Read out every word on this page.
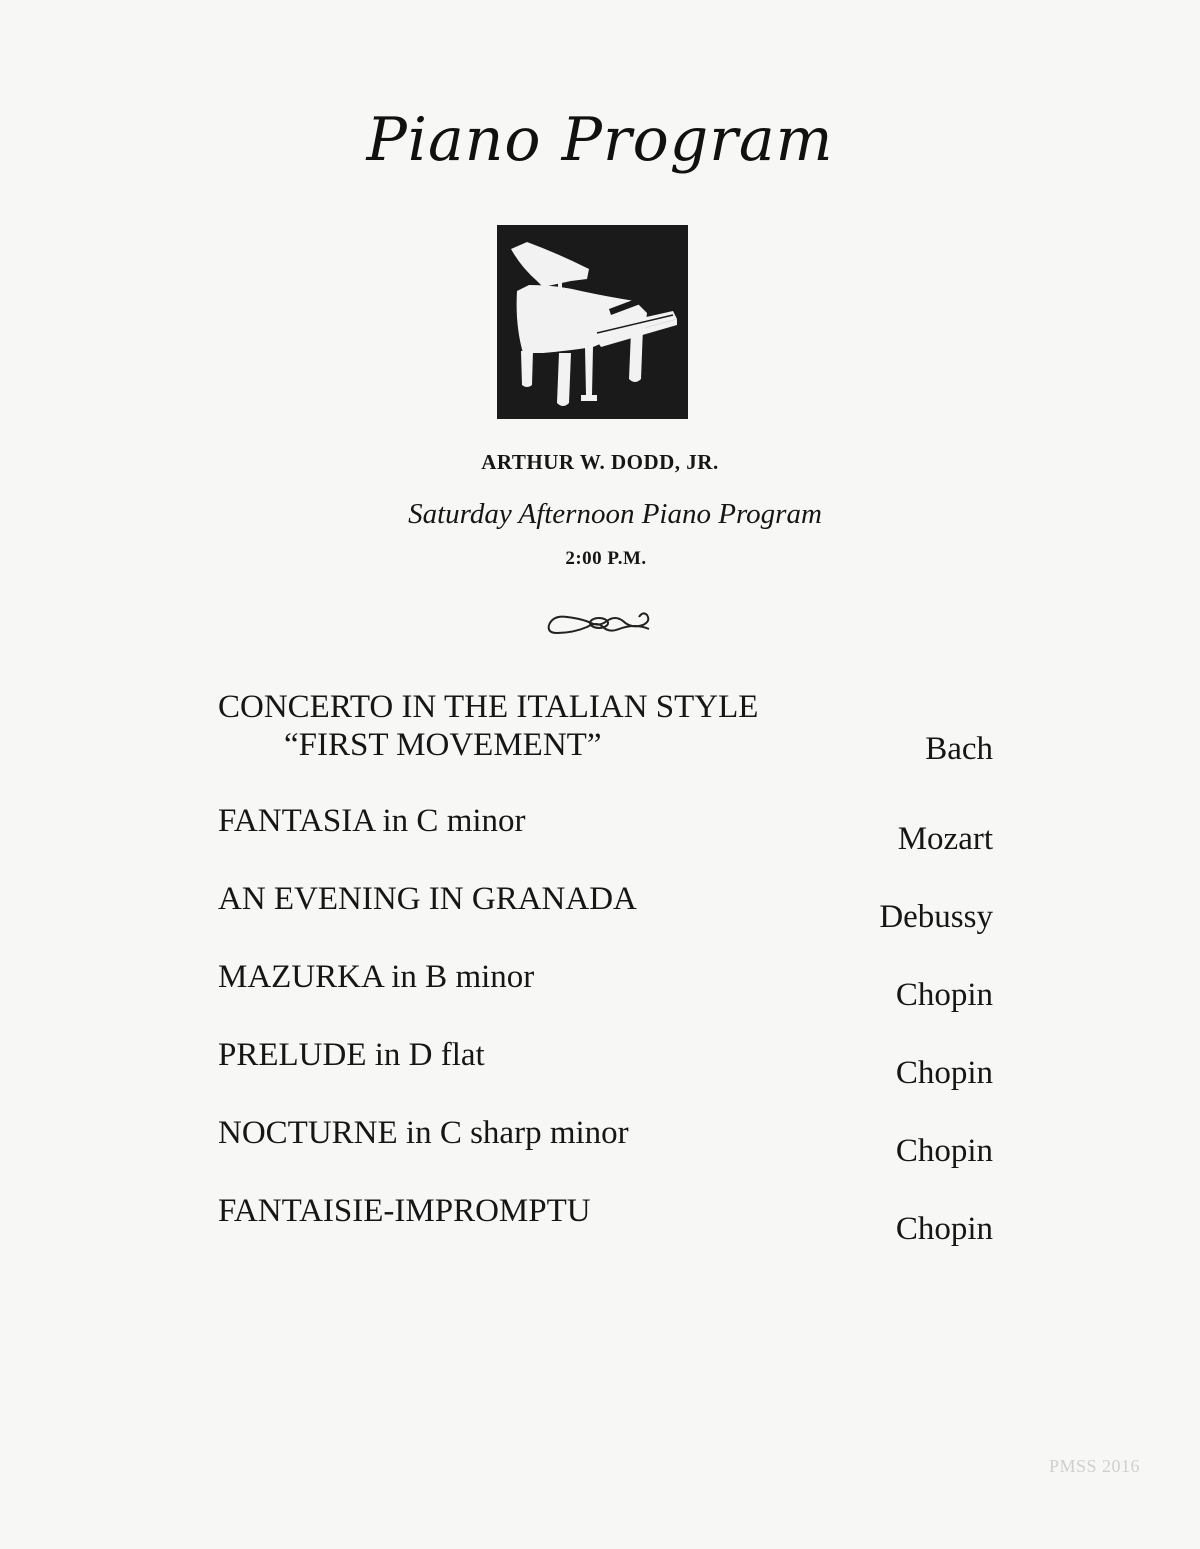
Piano Program
ARTHUR W. DODD, JR.
Saturday Afternoon Piano Program
2:00 P.M.
CONCERTO IN THE ITALIAN STYLE
“FIRST MOVEMENT”	Bach
FANTASIA in C minor	Mozart
AN EVENING IN GRANADA	Debussy
MAZURKA in B minor	Chopin
PRELUDE in D flat	Chopin
NOCTURNE in C sharp minor	Chopin
FANTAISIE-IMPROMPTU	Chopin
PMSS 2016
